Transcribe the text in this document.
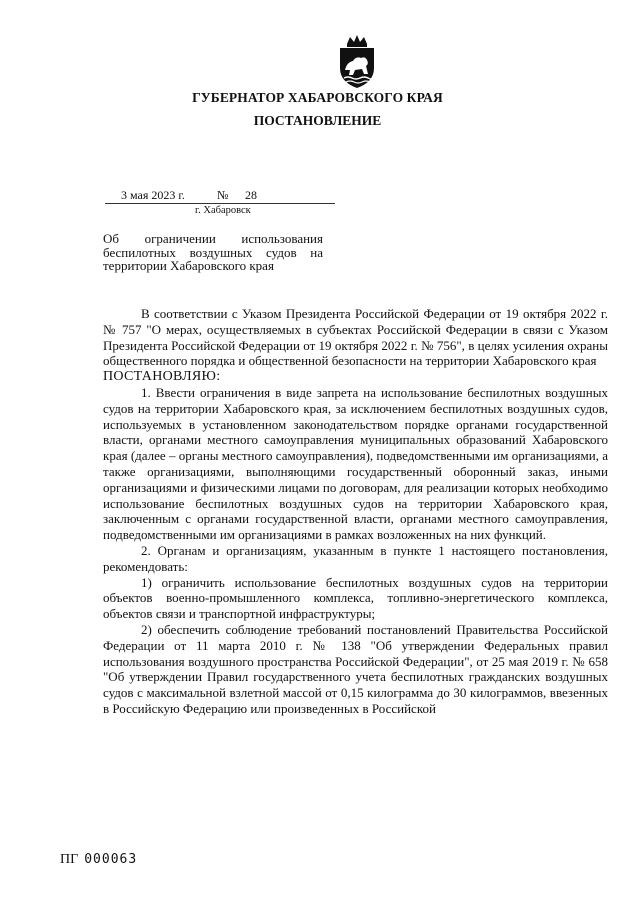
ГУБЕРНАТОР ХАБАРОВСКОГО КРАЯ
ПОСТАНОВЛЕНИЕ
3 мая 2023 г.	№ 28
г. Хабаровск
Об ограничении использования беспилотных воздушных судов на территории Хабаровского края

В соответствии с Указом Президента Российской Федерации от 19 октября 2022 г. № 757 "О мерах, осуществляемых в субъектах Российской Федерации в связи с Указом Президента Российской Федерации от 19 октября 2022 г. № 756", в целях усиления охраны общественного порядка и общественной безопасности на территории Хабаровского края

ПОСТАНОВЛЯЮ:

1. Ввести ограничения в виде запрета на использование беспилотных воздушных судов на территории Хабаровского края, за исключением беспилотных воздушных судов, используемых в установленном законодательством порядке органами государственной власти, органами местного самоуправления муниципальных образований Хабаровского края (далее – органы местного самоуправления), подведомственными им организациями, а также организациями, выполняющими государственный оборонный заказ, иными организациями и физическими лицами по договорам, для реализации которых необходимо использование беспилотных воздушных судов на территории Хабаровского края, заключенным с органами государственной власти, органами местного самоуправления, подведомственными им организациями в рамках возложенных на них функций.

2. Органам и организациям, указанным в пункте 1 настоящего постановления, рекомендовать:

1) ограничить использование беспилотных воздушных судов на территории объектов военно-промышленного комплекса, топливно-энергетического комплекса, объектов связи и транспортной инфраструктуры;

2) обеспечить соблюдение требований постановлений Правительства Российской Федерации от 11 марта 2010 г. № 138 "Об утверждении Федеральных правил использования воздушного пространства Российской Федерации", от 25 мая 2019 г. № 658 "Об утверждении Правил государственного учета беспилотных гражданских воздушных судов с максимальной взлетной массой от 0,15 килограмма до 30 килограммов, ввезенных в Российскую Федерацию или произведенных в Российской

ПГ 000063
